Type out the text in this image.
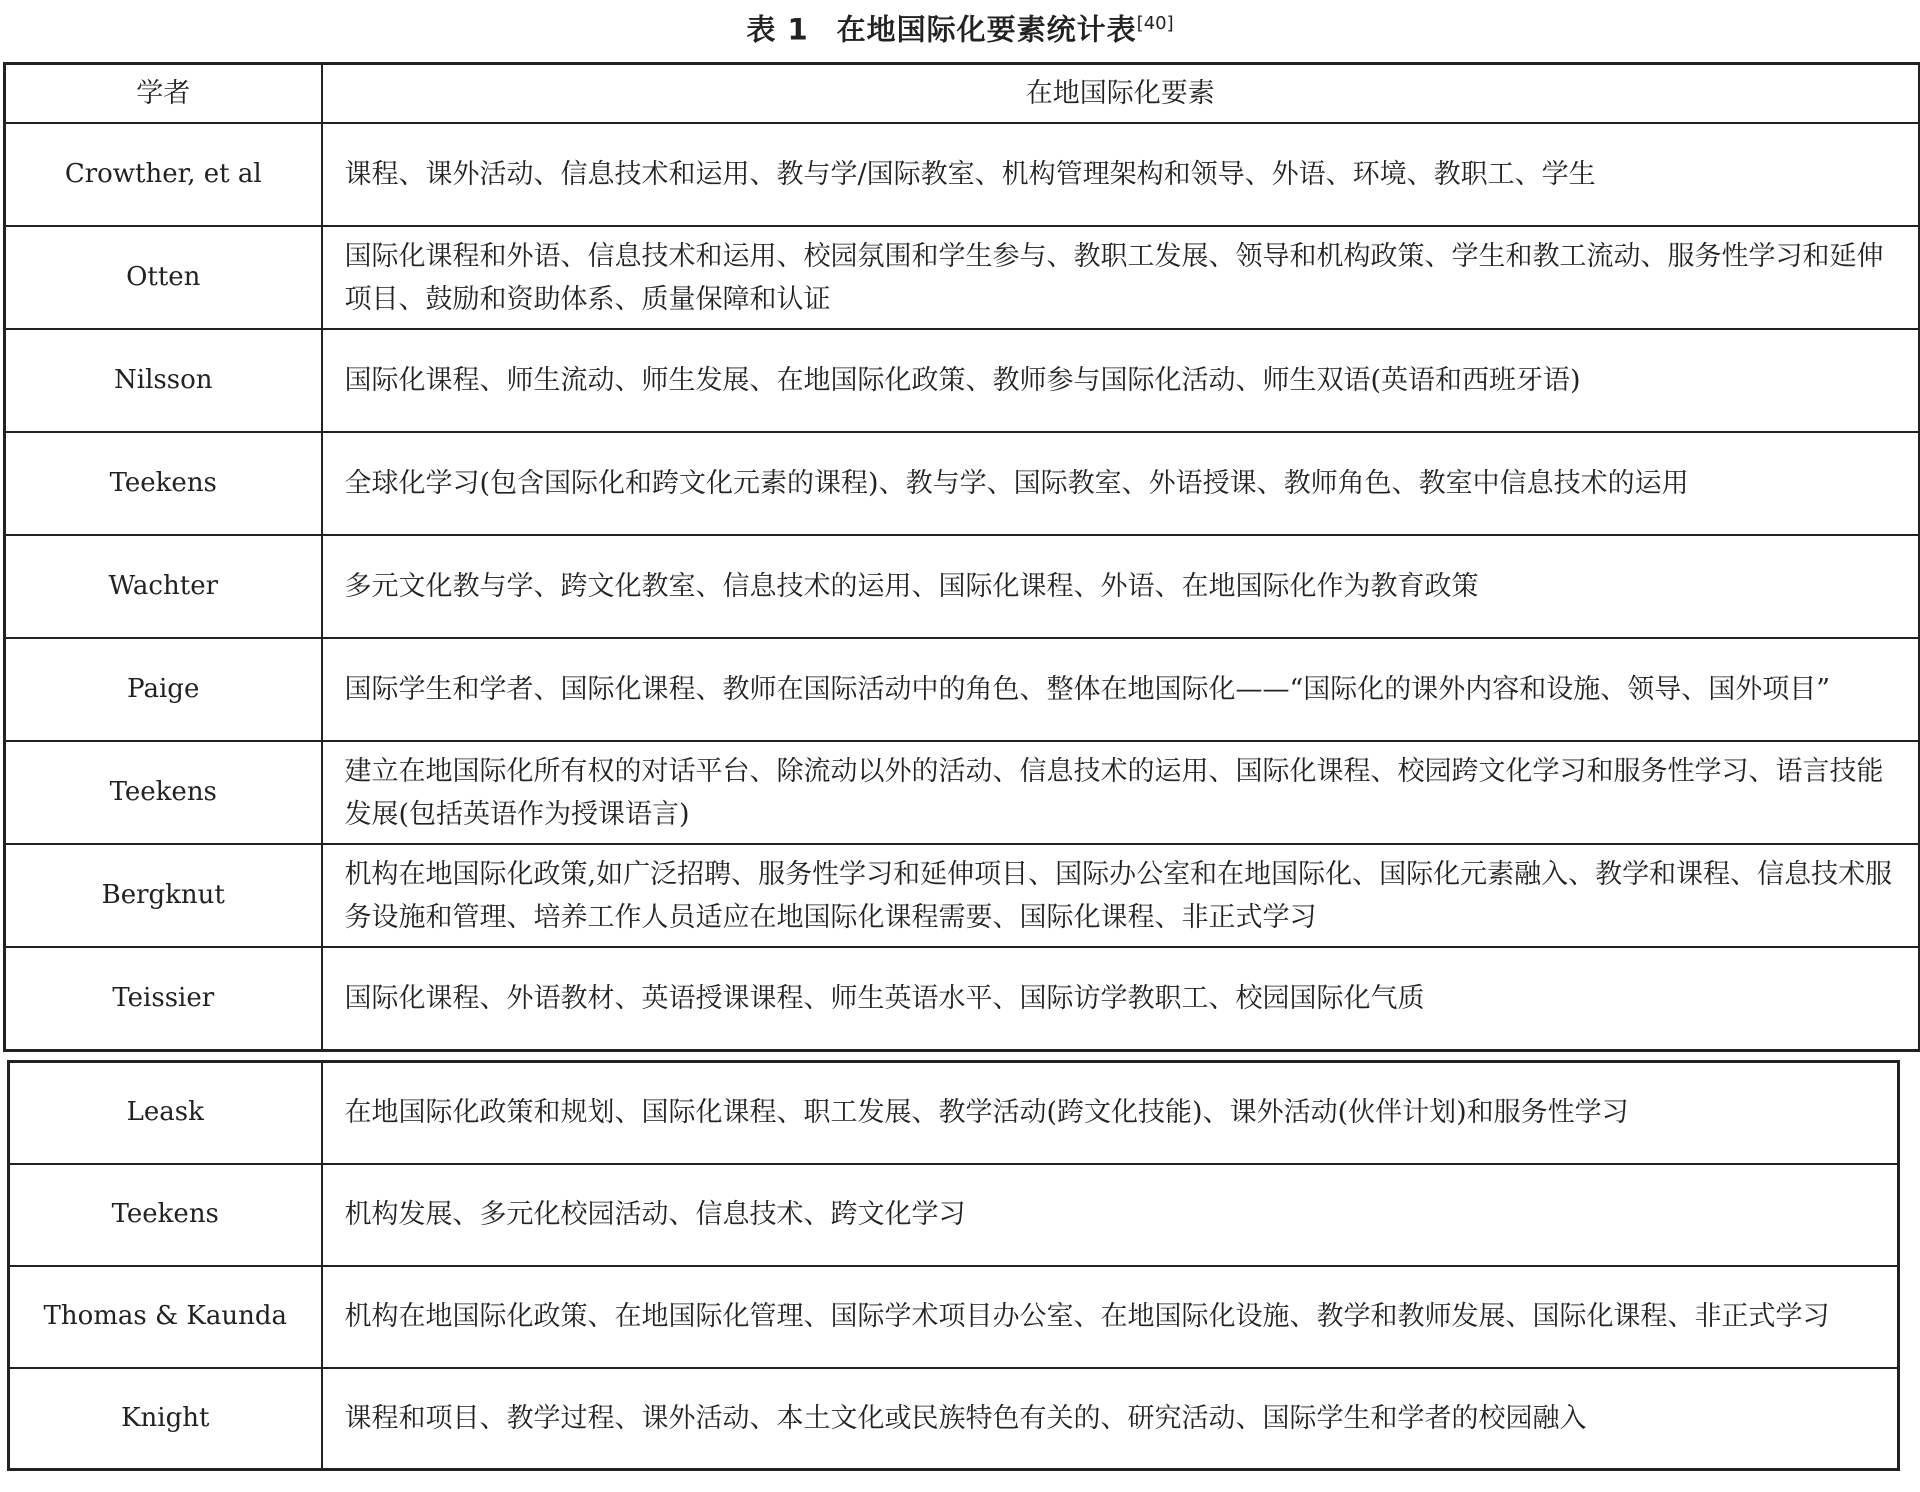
表 1 在地国际化要素统计表[40]
学者	在地国际化要素
Crowther, et al	课程、课外活动、信息技术和运用、教与学/国际教室、机构管理架构和领导、外语、环境、教职工、学生
Otten	国际化课程和外语、信息技术和运用、校园氛围和学生参与、教职工发展、领导和机构政策、学生和教工流动、服务性学习和延伸项目、鼓励和资助体系、质量保障和认证
Nilsson	国际化课程、师生流动、师生发展、在地国际化政策、教师参与国际化活动、师生双语(英语和西班牙语)
Teekens	全球化学习(包含国际化和跨文化元素的课程)、教与学、国际教室、外语授课、教师角色、教室中信息技术的运用
Wachter	多元文化教与学、跨文化教室、信息技术的运用、国际化课程、外语、在地国际化作为教育政策
Paige	国际学生和学者、国际化课程、教师在国际活动中的角色、整体在地国际化——“国际化的课外内容和设施、领导、国外项目”
Teekens	建立在地国际化所有权的对话平台、除流动以外的活动、信息技术的运用、国际化课程、校园跨文化学习和服务性学习、语言技能发展(包括英语作为授课语言)
Bergknut	机构在地国际化政策,如广泛招聘、服务性学习和延伸项目、国际办公室和在地国际化、国际化元素融入、教学和课程、信息技术服务设施和管理、培养工作人员适应在地国际化课程需要、国际化课程、非正式学习
Teissier	国际化课程、外语教材、英语授课课程、师生英语水平、国际访学教职工、校园国际化气质
Leask	在地国际化政策和规划、国际化课程、职工发展、教学活动(跨文化技能)、课外活动(伙伴计划)和服务性学习
Teekens	机构发展、多元化校园活动、信息技术、跨文化学习
Thomas & Kaunda	机构在地国际化政策、在地国际化管理、国际学术项目办公室、在地国际化设施、教学和教师发展、国际化课程、非正式学习
Knight	课程和项目、教学过程、课外活动、本土文化或民族特色有关的、研究活动、国际学生和学者的校园融入
